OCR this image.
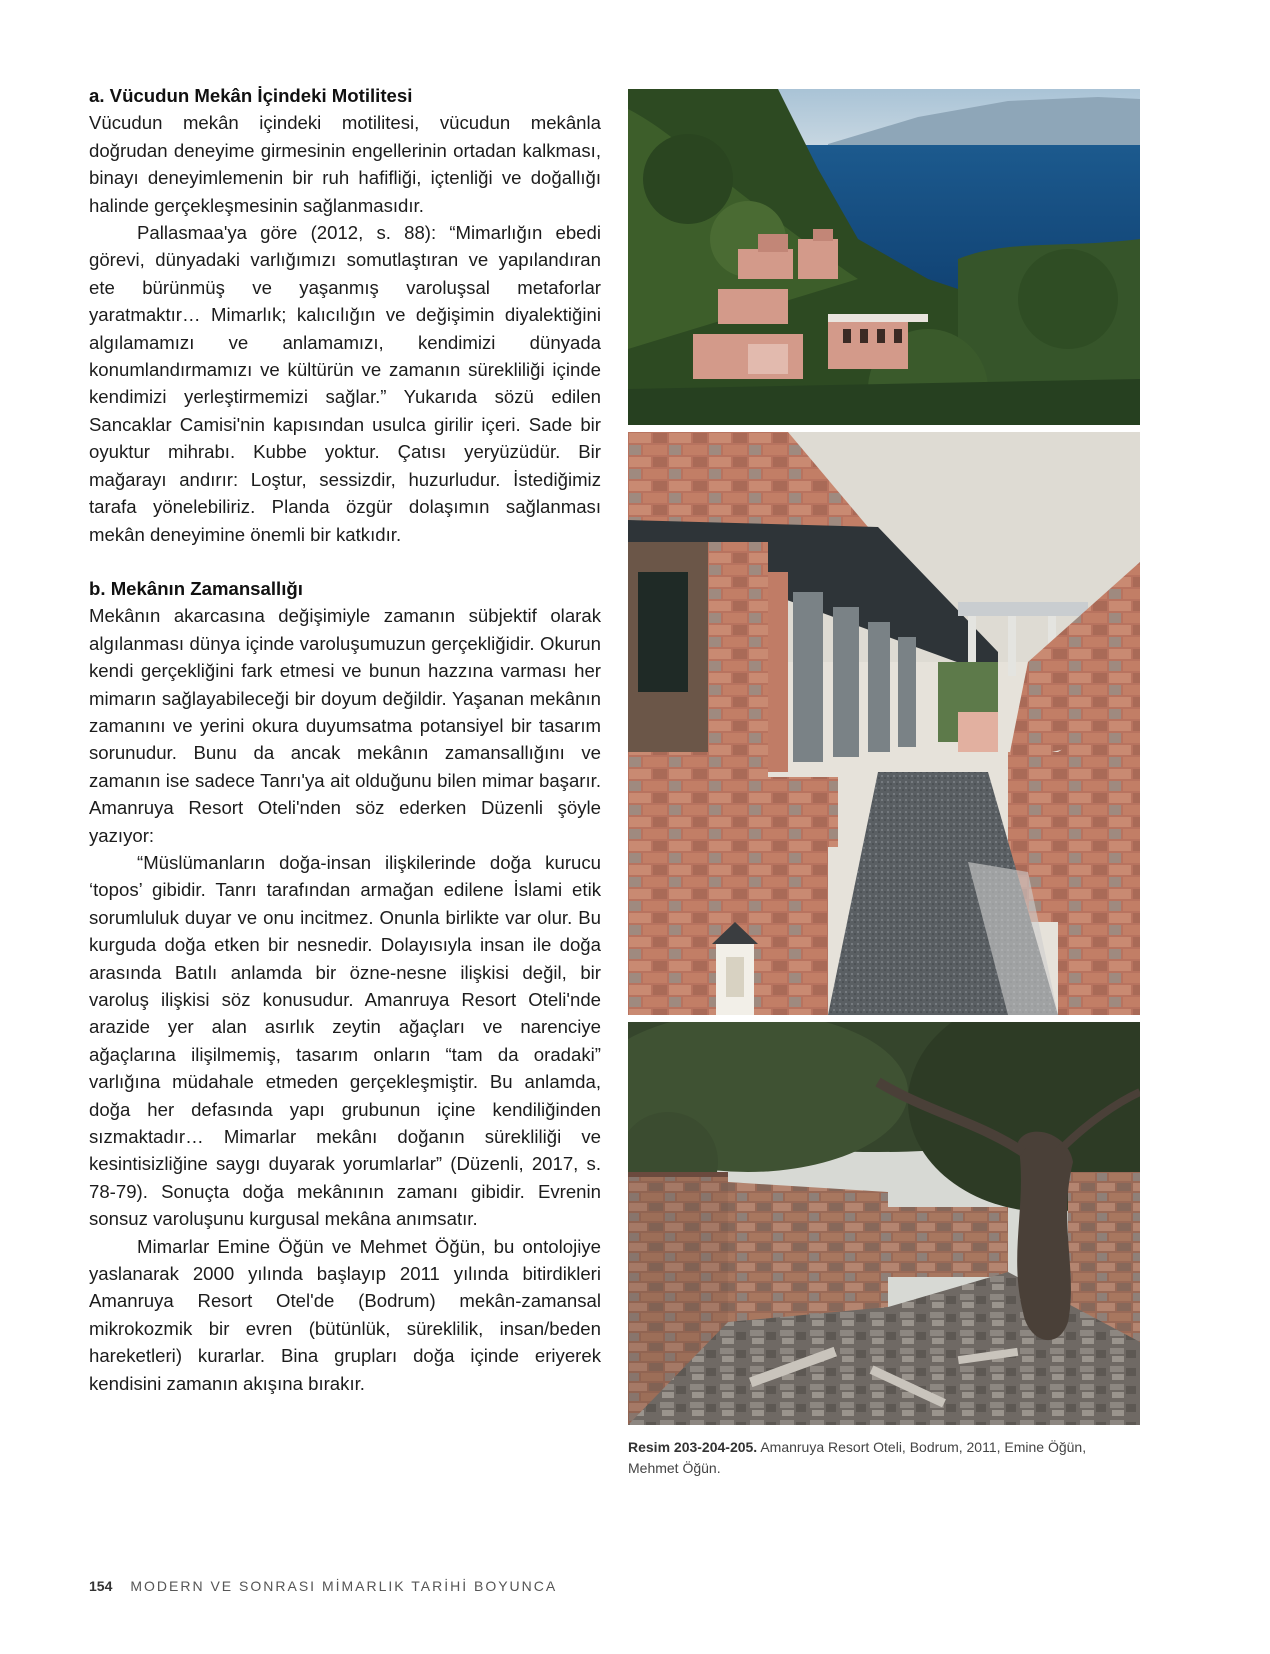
a. Vücudun Mekân İçindeki Motilitesi

Vücudun mekân içindeki motilitesi, vücudun mekânla doğrudan deneyime girmesinin engellerinin ortadan kalkması, binayı deneyimlemenin bir ruh hafifliği, içtenliği ve doğallığı halinde gerçekleşmesinin sağlanmasıdır.

Pallasmaa'ya göre (2012, s. 88): “Mimarlığın ebedi görevi, dünyadaki varlığımızı somutlaştıran ve yapılandıran ete bürünmüş ve yaşanmış varoluşsal metaforlar yaratmaktır… Mimarlık; kalıcılığın ve değişimin diyalektiğini algılamamızı ve anlamamızı, kendimizi dünyada konumlandırmamızı ve kültürün ve zamanın sürekliliği içinde kendimizi yerleştirmemizi sağlar.” Yukarıda sözü edilen Sancaklar Camisi'nin kapısından usulca girilir içeri. Sade bir oyuktur mihrabı. Kubbe yoktur. Çatısı yeryüzüdür. Bir mağarayı andırır: Loştur, sessizdir, huzurludur. İstediğimiz tarafa yönelebiliriz. Planda özgür dolaşımın sağlanması mekân deneyimine önemli bir katkıdır.

b. Mekânın Zamansallığı

Mekânın akarcasına değişimiyle zamanın sübjektif olarak algılanması dünya içinde varoluşumuzun gerçekliğidir. Okurun kendi gerçekliğini fark etmesi ve bunun hazzına varması her mimarın sağlayabileceği bir doyum değildir. Yaşanan mekânın zamanını ve yerini okura duyumsatma potansiyel bir tasarım sorunudur. Bunu da ancak mekânın zamansallığını ve zamanın ise sadece Tanrı'ya ait olduğunu bilen mimar başarır. Amanruya Resort Oteli'nden söz ederken Düzenli şöyle yazıyor:

“Müslümanların doğa-insan ilişkilerinde doğa kurucu ‘topos’ gibidir. Tanrı tarafından armağan edilene İslami etik sorumluluk duyar ve onu incitmez. Onunla birlikte var olur. Bu kurguda doğa etken bir nesnedir. Dolayısıyla insan ile doğa arasında Batılı anlamda bir özne-nesne ilişkisi değil, bir varoluş ilişkisi söz konusudur. Amanruya Resort Oteli'nde arazide yer alan asırlık zeytin ağaçları ve narenciye ağaçlarına ilişilmemiş, tasarım onların “tam da oradaki” varlığına müdahale etmeden gerçekleşmiştir. Bu anlamda, doğa her defasında yapı grubunun içine kendiliğinden sızmaktadır… Mimarlar mekânı doğanın sürekliliği ve kesintisizliğine saygı duyarak yorumlarlar” (Düzenli, 2017, s. 78-79). Sonuçta doğa mekânının zamanı gibidir. Evrenin sonsuz varoluşunu kurgusal mekâna anımsatır.

Mimarlar Emine Öğün ve Mehmet Öğün, bu ontolojiye yaslanarak 2000 yılında başlayıp 2011 yılında bitirdikleri Amanruya Resort Otel'de (Bodrum) mekân-zamansal mikrokozmik bir evren (bütünlük, süreklilik, insan/beden hareketleri) kurarlar. Bina grupları doğa içinde eriyerek kendisini zamanın akışına bırakır.

Resim 203-204-205. Amanruya Resort Oteli, Bodrum, 2011, Emine Öğün, Mehmet Öğün.
154 MODERN VE SONRASI MİMARLIK TARİHİ BOYUNCA
